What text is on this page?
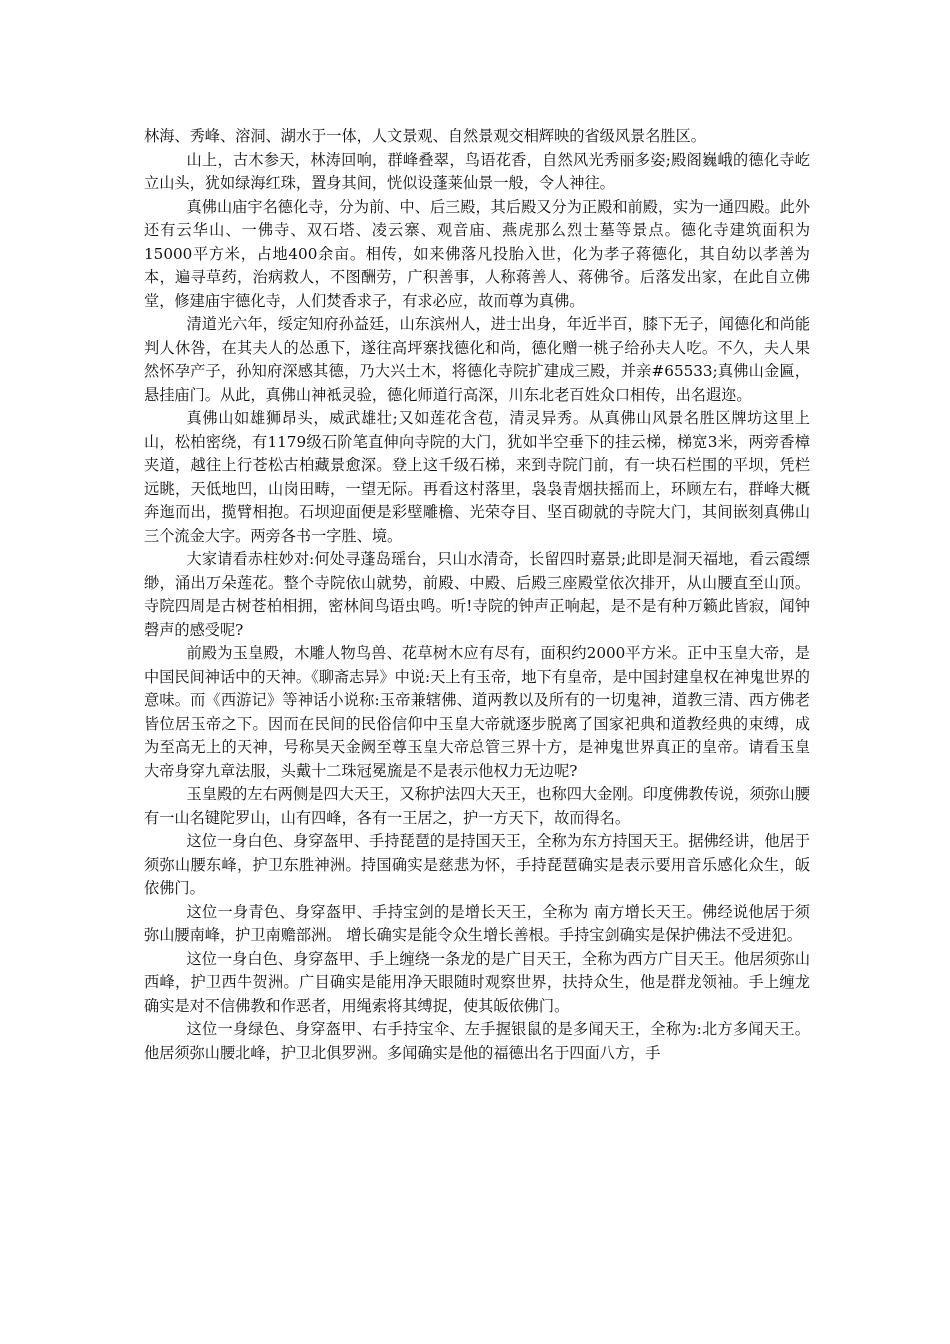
林海、秀峰、溶洞、湖水于一体，人文景观、自然景观交相辉映的省级风景名胜区。

山上，古木参天，林涛回响，群峰叠翠，鸟语花香，自然风光秀丽多姿;殿阁巍峨的德化寺屹立山头，犹如绿海红珠，置身其间，恍似设蓬莱仙景一般，令人神往。

真佛山庙宇名德化寺，分为前、中、后三殿，其后殿又分为正殿和前殿，实为一通四殿。此外还有云华山、一佛寺、双石塔、凌云寨、观音庙、燕虎那么烈士墓等景点。德化寺建筑面积为15000平方米，占地400余亩。相传，如来佛落凡投胎入世，化为孝子蒋德化，其自幼以孝善为本，遍寻草药，治病救人，不图酬劳，广积善事，人称蒋善人、蒋佛爷。后落发出家，在此自立佛堂，修建庙宇德化寺，人们焚香求子，有求必应，故而尊为真佛。

清道光六年，绥定知府孙益廷，山东滨州人，进士出身，年近半百，膝下无子，闻德化和尚能判人休咎，在其夫人的怂恿下，遂往高坪寨找德化和尚，德化赠一桃子给孙夫人吃。不久，夫人果然怀孕产子，孙知府深感其德，乃大兴土木，将德化寺院扩建成三殿，并亲#65533;真佛山金匾，悬挂庙门。从此，真佛山神袛灵验，德化师道行高深，川东北老百姓众口相传，出名遐迩。

真佛山如雄狮昂头，威武雄壮;又如莲花含苞，清灵异秀。从真佛山风景名胜区牌坊这里上山，松柏密绕，有1179级石阶笔直伸向寺院的大门，犹如半空垂下的挂云梯，梯宽3米，两旁香樟夹道，越往上行苍松古柏藏景愈深。登上这千级石梯，来到寺院门前，有一块石栏围的平坝，凭栏远眺，天低地凹，山岗田畴，一望无际。再看这村落里，袅袅青烟扶摇而上，环顾左右，群峰大概奔迤而出，揽臂相抱。石坝迎面便是彩壁雕檐、光荣夺目、坚百砌就的寺院大门，其间嵌刻真佛山三个流金大字。两旁各书一字胜、境。

大家请看赤柱妙对:何处寻蓬岛瑶台，只山水清奇，长留四时嘉景;此即是洞天福地，看云霞缥缈，涌出万朵莲花。整个寺院依山就势，前殿、中殿、后殿三座殿堂依次排开，从山腰直至山顶。寺院四周是古树苍柏相拥，密林间鸟语虫鸣。听!寺院的钟声正响起，是不是有种万籁此皆寂，闻钟磬声的感受呢?

前殿为玉皇殿，木雕人物鸟兽、花草树木应有尽有，面积约2000平方米。正中玉皇大帝，是中国民间神话中的天神。《聊斋志异》中说:天上有玉帝，地下有皇帝，是中国封建皇权在神鬼世界的意味。而《西游记》等神话小说称:玉帝兼辖佛、道两教以及所有的一切鬼神，道教三清、西方佛老皆位居玉帝之下。因而在民间的民俗信仰中玉皇大帝就逐步脱离了国家祀典和道教经典的束缚，成为至高无上的天神，号称昊天金阙至尊玉皇大帝总管三界十方，是神鬼世界真正的皇帝。请看玉皇大帝身穿九章法服，头戴十二珠冠冕旒是不是表示他权力无边呢?

玉皇殿的左右两侧是四大天王，又称护法四大天王，也称四大金刚。印度佛教传说，须弥山腰有一山名键陀罗山，山有四峰，各有一王居之，护一方天下，故而得名。

这位一身白色、身穿盔甲、手持琵琶的是持国天王，全称为东方持国天王。据佛经讲，他居于须弥山腰东峰，护卫东胜神洲。持国确实是慈悲为怀，手持琵琶确实是表示要用音乐感化众生，皈依佛门。

这位一身青色、身穿盔甲、手持宝剑的是增长天王，全称为 南方增长天王。佛经说他居于须弥山腰南峰，护卫南赡部洲。 增长确实是能令众生增长善根。手持宝剑确实是保护佛法不受进犯。

这位一身白色、身穿盔甲、手上缠绕一条龙的是广目天王，全称为西方广目天王。他居须弥山西峰，护卫西牛贺洲。广目确实是能用净天眼随时观察世界，扶持众生，他是群龙领袖。手上缠龙确实是对不信佛教和作恶者，用绳索将其缚捉，使其皈依佛门。

这位一身绿色、身穿盔甲、右手持宝伞、左手握银鼠的是多闻天王，全称为:北方多闻天王。他居须弥山腰北峰，护卫北俱罗洲。多闻确实是他的福德出名于四面八方，手
